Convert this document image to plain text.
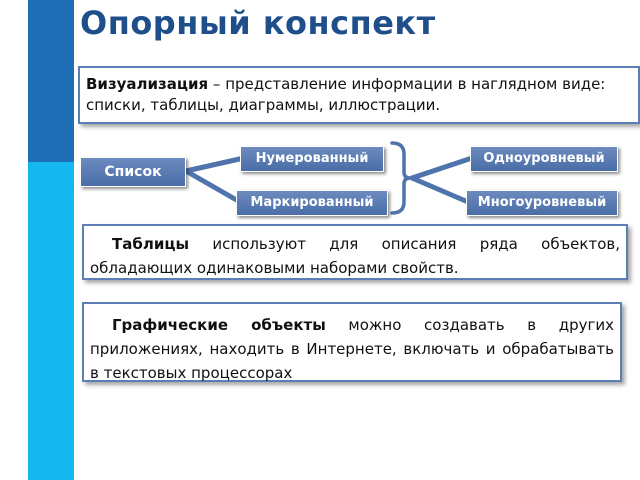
Опорный конспект

Визуализация – представление информации в наглядном виде:

списки, таблицы, диаграммы, иллюстрации.

Список
Нумерованный
Маркированный
Одноуровневый
Многоуровневый

Таблицы используют для описания ряда объектов, обладающих одинаковыми наборами свойств.

Графические объекты можно создавать в других приложениях, находить в Интернете, включать и обрабатывать в текстовых процессорах
